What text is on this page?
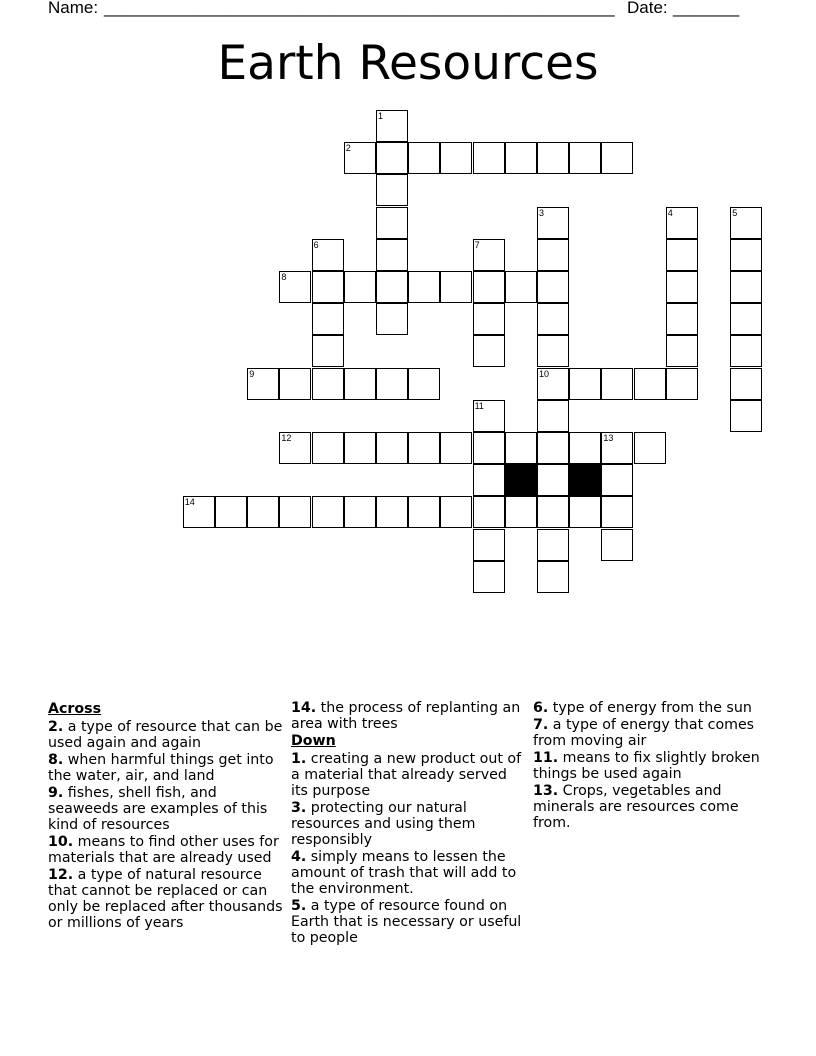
Name: ______________________________________________________ Date: _______
Earth Resources
1
2
3	4	5
6	7
8
9	10
11
12	13
14
Across
2. a type of resource that can be used again and again
8. when harmful things get into the water, air, and land
9. fishes, shell fish, and seaweeds are examples of this kind of resources
10. means to find other uses for materials that are already used
12. a type of natural resource that cannot be replaced or can only be replaced after thousands or millions of years
14. the process of replanting an area with trees
Down
1. creating a new product out of a material that already served its purpose
3. protecting our natural resources and using them responsibly
4. simply means to lessen the amount of trash that will add to the environment.
5. a type of resource found on Earth that is necessary or useful to people
6. type of energy from the sun
7. a type of energy that comes from moving air
11. means to fix slightly broken things be used again
13. Crops, vegetables and minerals are resources come from.
